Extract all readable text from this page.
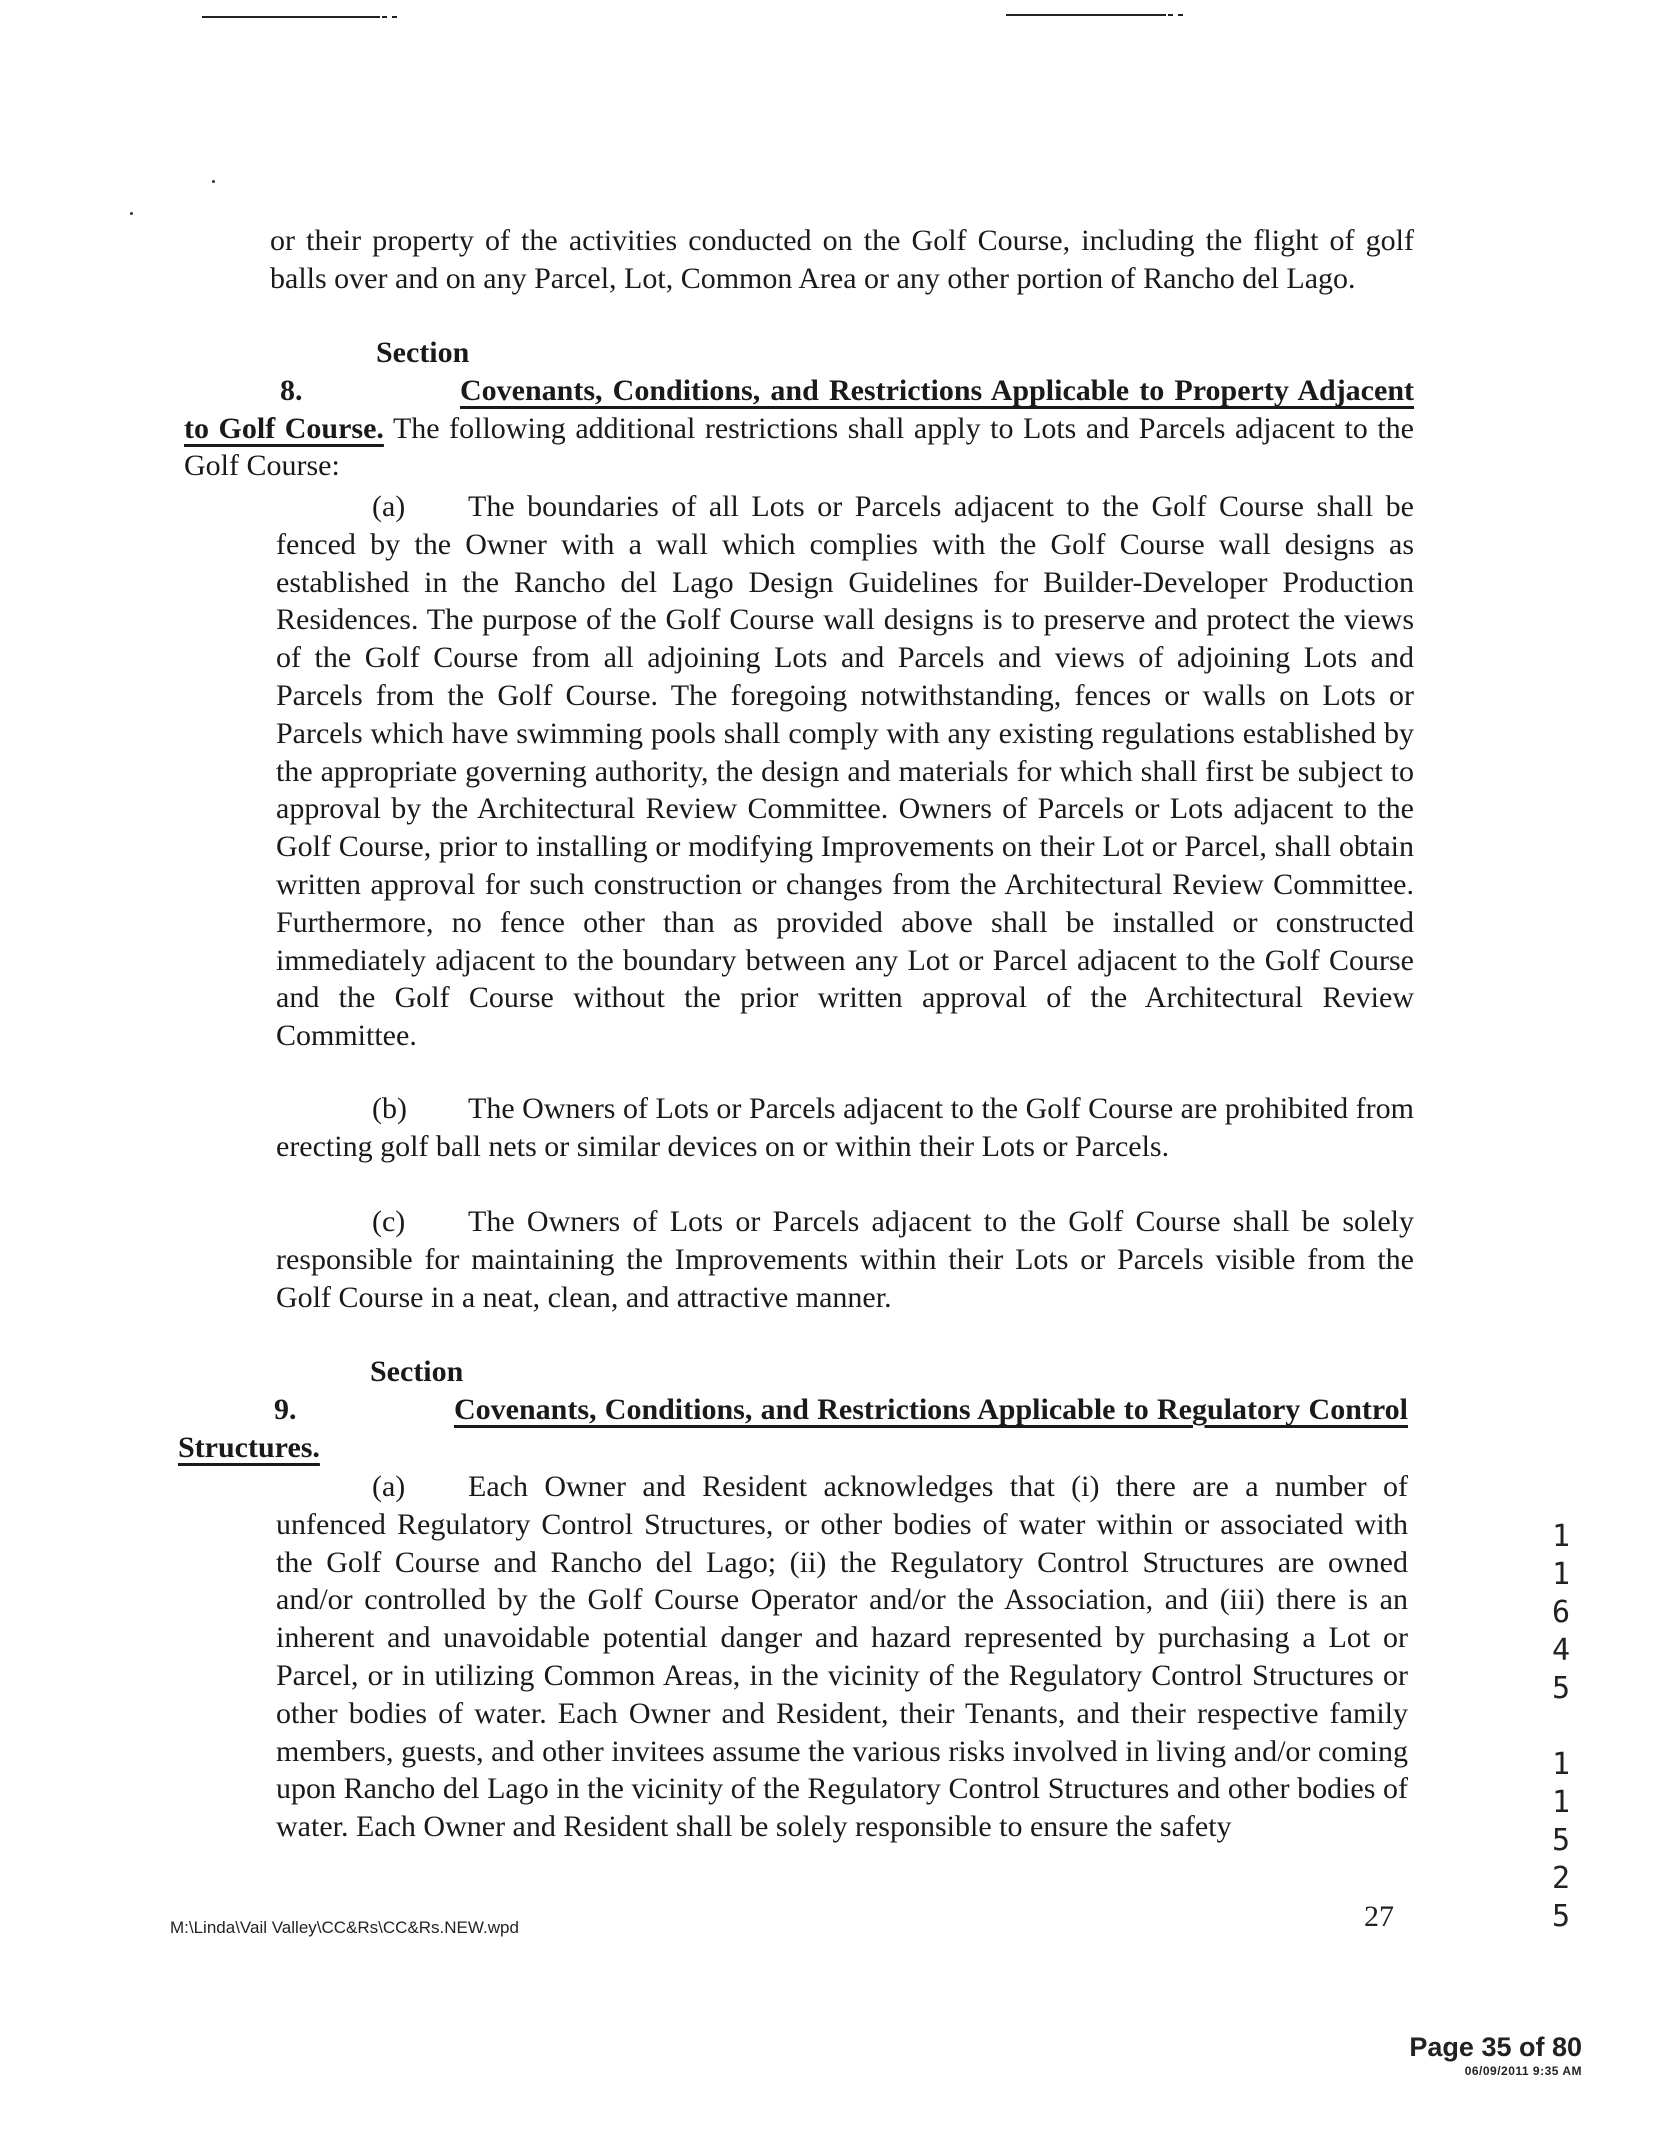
or their property of the activities conducted on the Golf Course, including the flight of golf balls over and on any Parcel, Lot, Common Area or any other portion of Rancho del Lago.

Section 8.	Covenants, Conditions, and Restrictions Applicable to Property Adjacent to Golf Course. The following additional restrictions shall apply to Lots and Parcels adjacent to the Golf Course:

(a) The boundaries of all Lots or Parcels adjacent to the Golf Course shall be fenced by the Owner with a wall which complies with the Golf Course wall designs as established in the Rancho del Lago Design Guidelines for Builder-Developer Production Residences. The purpose of the Golf Course wall designs is to preserve and protect the views of the Golf Course from all adjoining Lots and Parcels and views of adjoining Lots and Parcels from the Golf Course. The foregoing notwithstanding, fences or walls on Lots or Parcels which have swimming pools shall comply with any existing regulations established by the appropriate governing authority, the design and materials for which shall first be subject to approval by the Architectural Review Committee. Owners of Parcels or Lots adjacent to the Golf Course, prior to installing or modifying Improvements on their Lot or Parcel, shall obtain written approval for such construction or changes from the Architectural Review Committee. Furthermore, no fence other than as provided above shall be installed or constructed immediately adjacent to the boundary between any Lot or Parcel adjacent to the Golf Course and the Golf Course without the prior written approval of the Architectural Review Committee.

(b) The Owners of Lots or Parcels adjacent to the Golf Course are prohibited from erecting golf ball nets or similar devices on or within their Lots or Parcels.

(c) The Owners of Lots or Parcels adjacent to the Golf Course shall be solely responsible for maintaining the Improvements within their Lots or Parcels visible from the Golf Course in a neat, clean, and attractive manner.

Section 9.	Covenants, Conditions, and Restrictions Applicable to Regulatory Control Structures.

(a) Each Owner and Resident acknowledges that (i) there are a number of unfenced Regulatory Control Structures, or other bodies of water within or associated with the Golf Course and Rancho del Lago; (ii) the Regulatory Control Structures are owned and/or controlled by the Golf Course Operator and/or the Association, and (iii) there is an inherent and unavoidable potential danger and hazard represented by purchasing a Lot or Parcel, or in utilizing Common Areas, in the vicinity of the Regulatory Control Structures or other bodies of water. Each Owner and Resident, their Tenants, and their respective family members, guests, and other invitees assume the various risks involved in living and/or coming upon Rancho del Lago in the vicinity of the Regulatory Control Structures and other bodies of water. Each Owner and Resident shall be solely responsible to ensure the safety

11645
11525
M:\Linda\Vail Valley\CC&Rs\CC&Rs.NEW.wpd	27
Page 35 of 80
06/09/2011 9:35 AM
